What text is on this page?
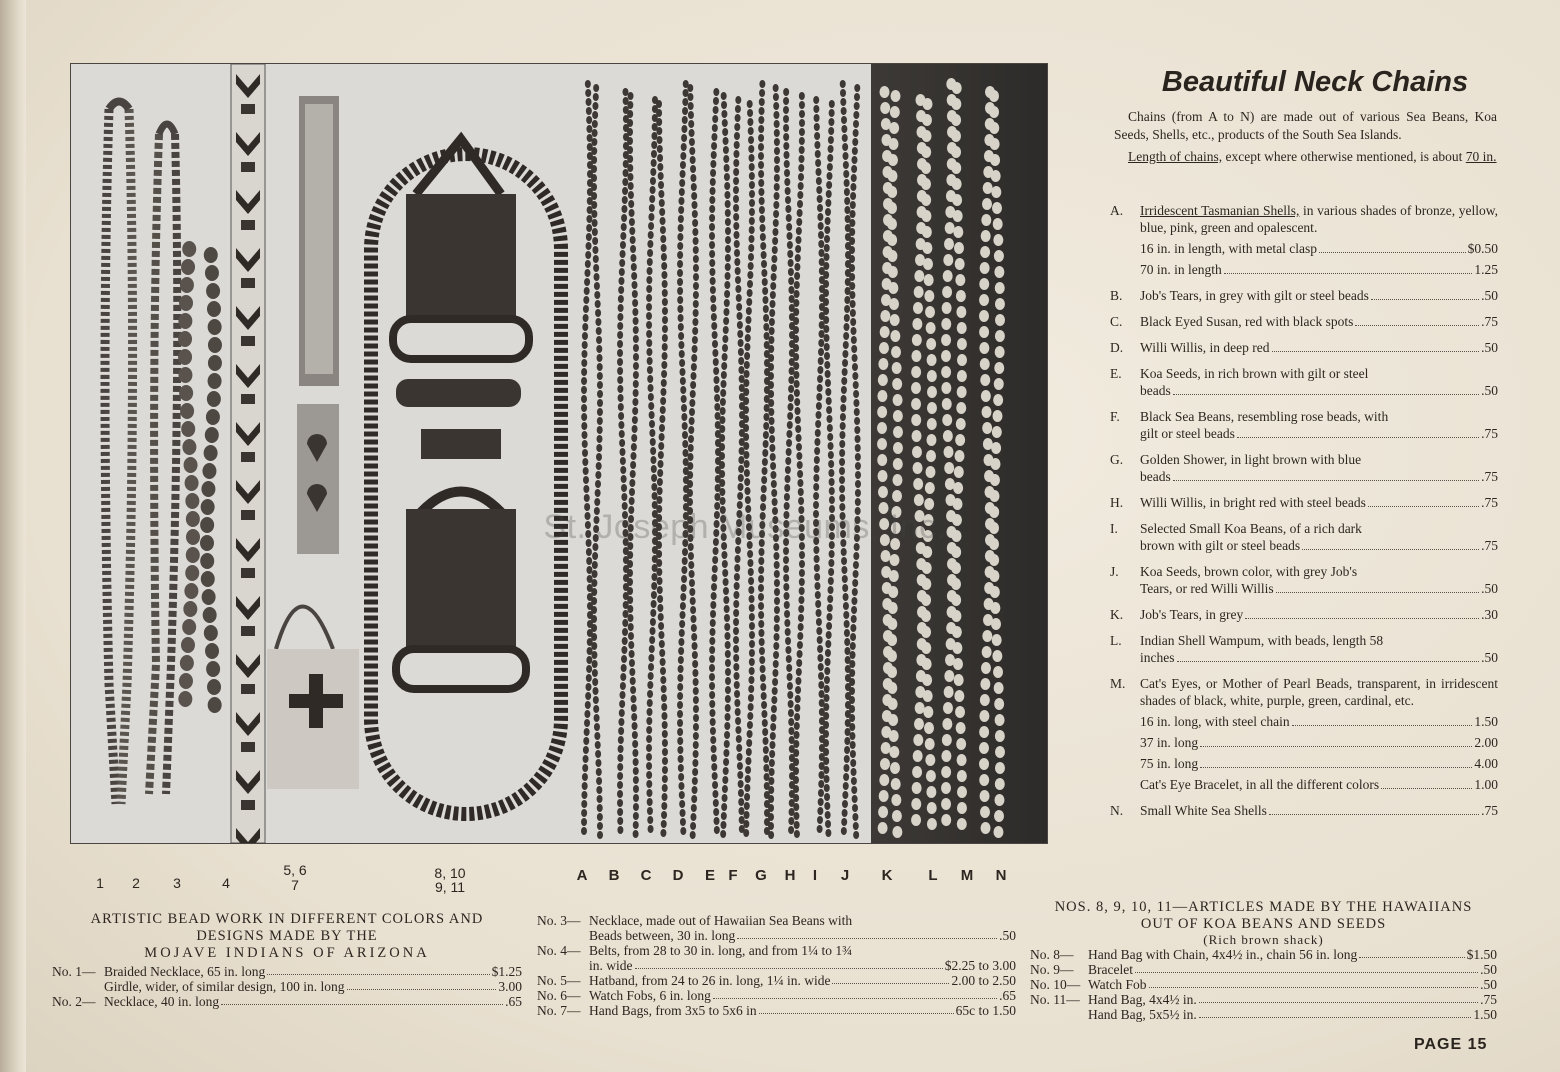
St. Joseph Museums, Inc.
1 2 3	4
5, 6
7
8, 10
9, 11
A B C D E F G H	I	J K L M N
Beautiful Neck Chains

Chains (from A to N) are made out of various Sea Beans, Koa Seeds, Shells, etc., products of the South Sea Islands.

Length of chains, except where otherwise mentioned, is about 70 in.

A.	Irridescent Tasmanian Shells, in various shades of bronze, yellow, blue, pink, green and opalescent.
16 in. in length, with metal clasp	$0.50
70 in. in length	1.25
B.	Job's Tears, in grey with gilt or steel beads	.50
C.	Black Eyed Susan, red with black spots	.75
D.	Willi Willis, in deep red	.50
E.	Koa Seeds, in rich brown with gilt or steel
beads	.50
F.	Black Sea Beans, resembling rose beads, with
gilt or steel beads	.75
G.	Golden Shower, in light brown with blue
beads	.75
H.	Willi Willis, in bright red with steel beads	.75
I.	Selected Small Koa Beans, of a rich dark
brown with gilt or steel beads	.75
J.	Koa Seeds, brown color, with grey Job's
Tears, or red Willi Willis	.50
K.	Job's Tears, in grey	.30
L.	Indian Shell Wampum, with beads, length 58
inches	.50
M.	Cat's Eyes, or Mother of Pearl Beads, transparent, in irridescent shades of black, white, purple, green, cardinal, etc.
16 in. long, with steel chain	1.50
37 in. long	2.00
75 in. long	4.00
Cat's Eye Bracelet, in all the different colors	1.00
N.	Small White Sea Shells	.75
ARTISTIC BEAD WORK IN DIFFERENT COLORS AND
DESIGNS MADE BY THE
MOJAVE INDIANS OF ARIZONA
No. 1— Braided Necklace, 65 in. long	$1.25
Girdle, wider, of similar design, 100 in. long	3.00
No. 2— Necklace, 40 in. long	.65
No. 3— Necklace, made out of Hawaiian Sea Beans with
Beads between, 30 in. long	.50
No. 4— Belts, from 28 to 30 in. long, and from 1¼ to 1¾
in. wide	$2.25 to 3.00
No. 5— Hatband, from 24 to 26 in. long, 1¼ in. wide	2.00 to 2.50
No. 6— Watch Fobs, 6 in. long	.65
No. 7— Hand Bags, from 3x5 to 5x6 in	65c to 1.50
NOS. 8, 9, 10, 11—ARTICLES MADE BY THE HAWAIIANS
OUT OF KOA BEANS AND SEEDS
(Rich brown shack)
No. 8—	Hand Bag with Chain, 4x4½ in., chain 56 in. long	$1.50
No. 9—	Bracelet	.50
No. 10— Watch Fob	.50
No. 11— Hand Bag, 4x4½ in.	.75
Hand Bag, 5x5½ in.	1.50
PAGE 15
